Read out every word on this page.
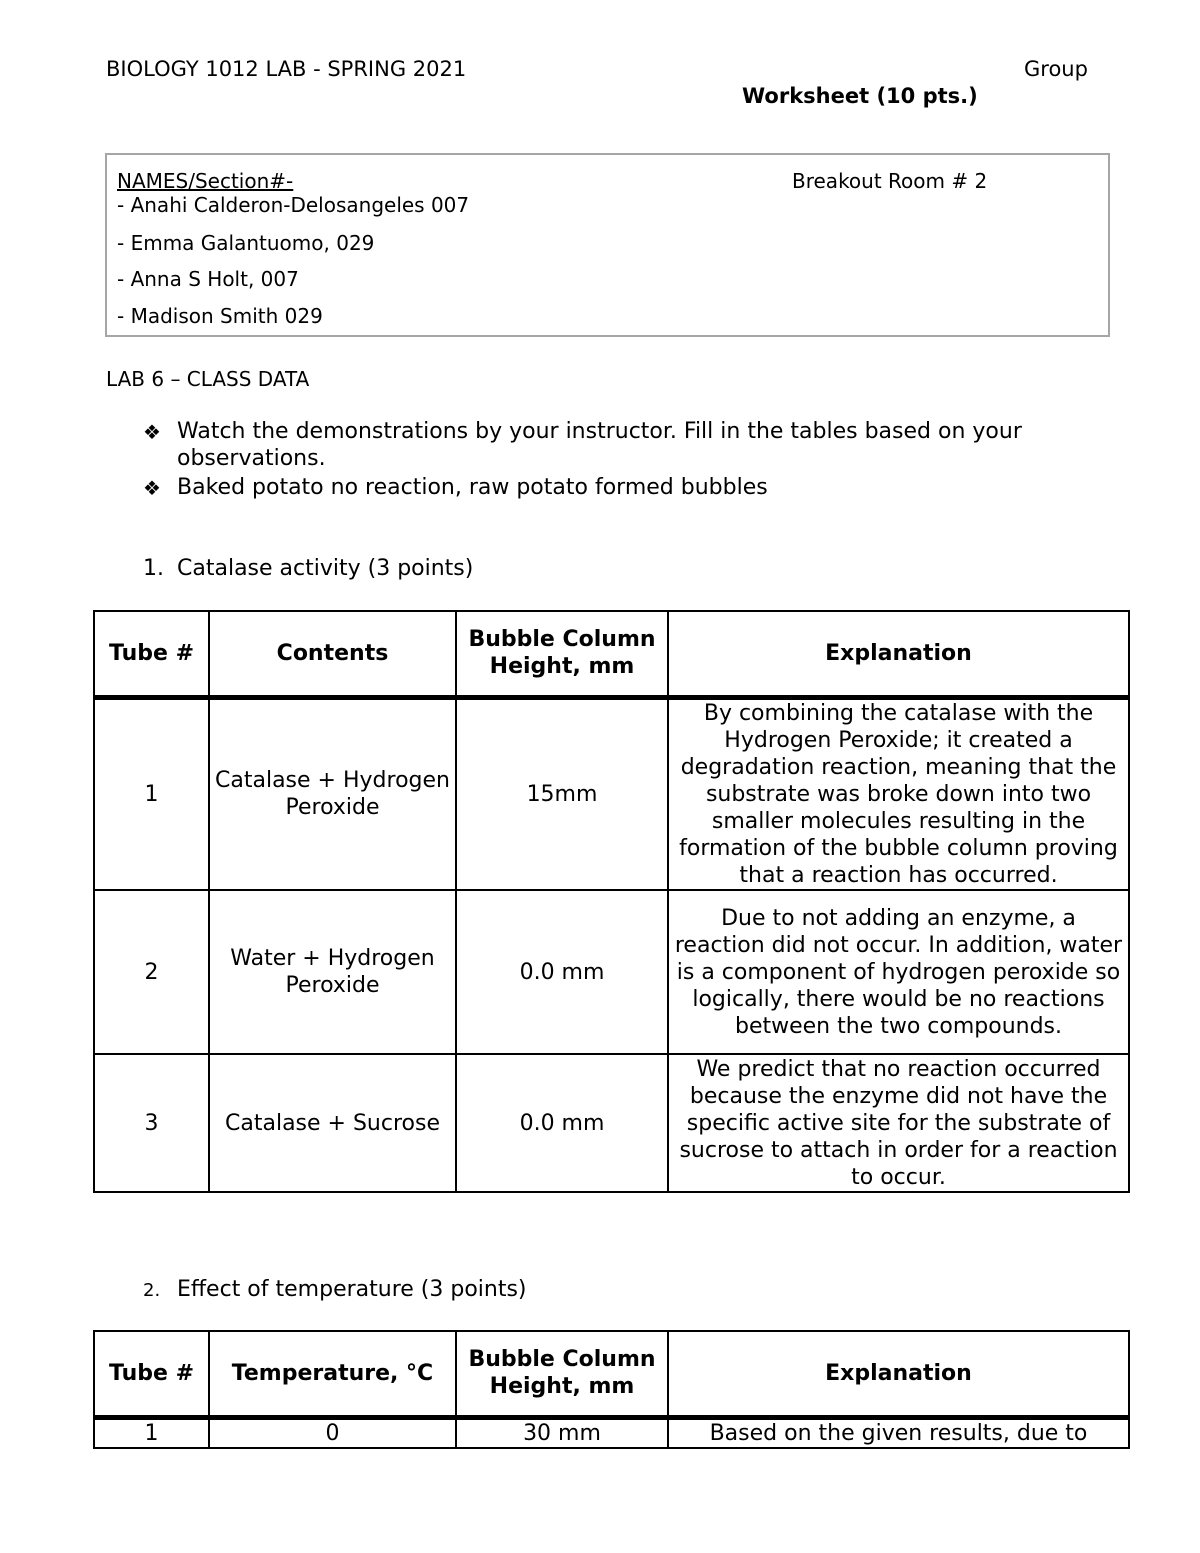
BIOLOGY 1012 LAB - SPRING 2021	Group
Worksheet (10 pts.)
NAMES/Section#-	Breakout Room # 2
- Anahi Calderon-Delosangeles 007
- Emma Galantuomo, 029
- Anna S Holt, 007
- Madison Smith 029
LAB 6 – CLASS DATA
❖ Watch the demonstrations by your instructor. Fill in the tables based on your observations.
❖ Baked potato no reaction, raw potato formed bubbles
1. Catalase activity (3 points)
Tube #	Contents	Bubble Column Height, mm	Explanation
1	Catalase + Hydrogen Peroxide	15mm	By combining the catalase with the Hydrogen Peroxide; it created a degradation reaction, meaning that the substrate was broke down into two smaller molecules resulting in the formation of the bubble column proving that a reaction has occurred.
2	Water + Hydrogen Peroxide	0.0 mm	Due to not adding an enzyme, a reaction did not occur. In addition, water is a component of hydrogen peroxide so logically, there would be no reactions between the two compounds.
3	Catalase + Sucrose	0.0 mm	We predict that no reaction occurred because the enzyme did not have the specific active site for the substrate of sucrose to attach in order for a reaction to occur.
2. Effect of temperature (3 points)
Tube #	Temperature, °C	Bubble Column Height, mm	Explanation
1	0	30 mm	Based on the given results, due to
